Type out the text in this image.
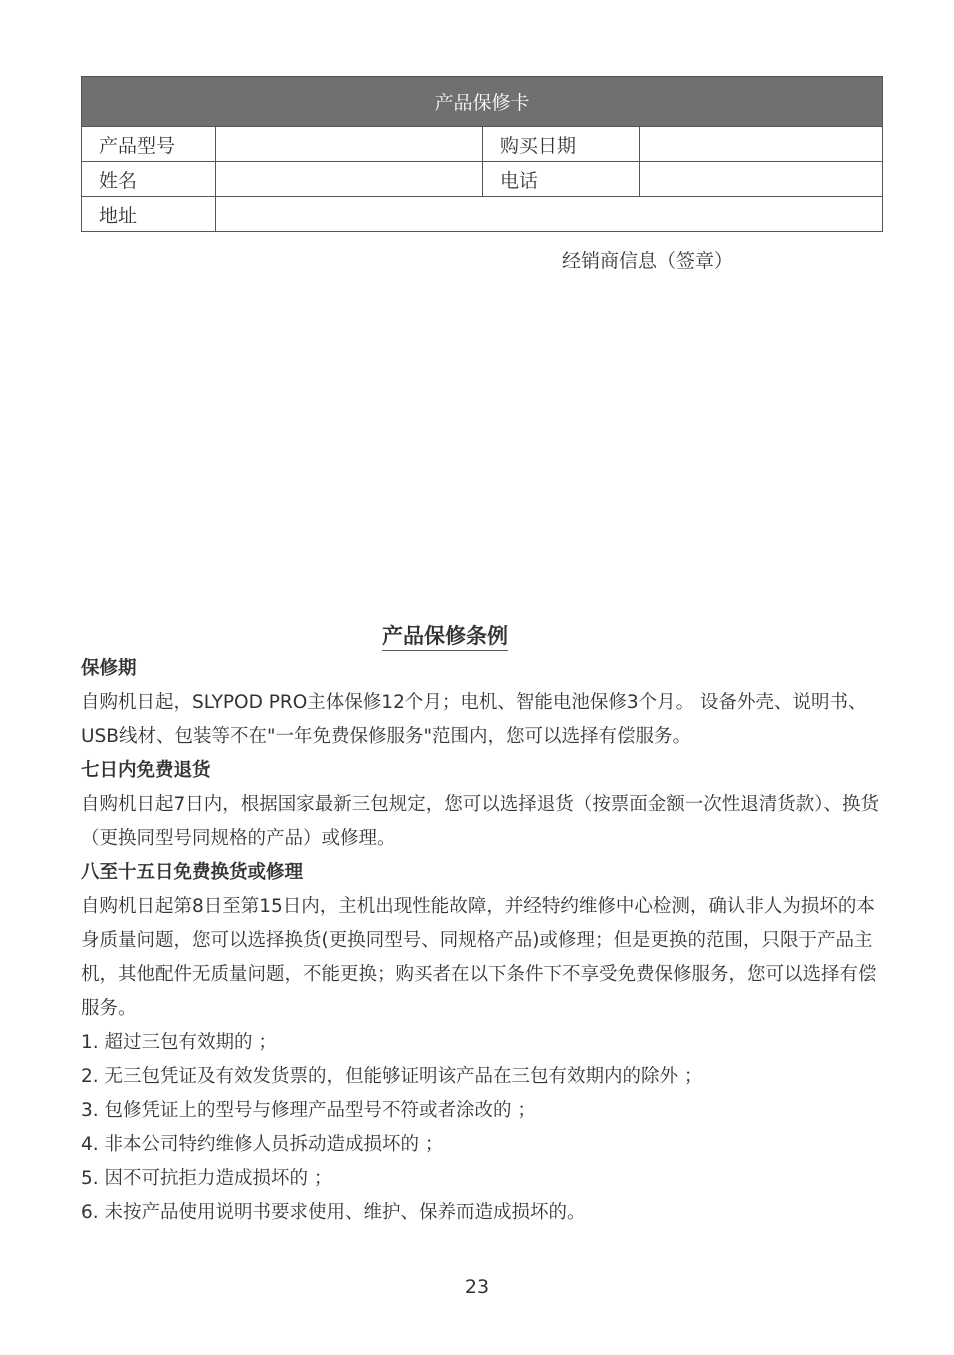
产品保修卡			
产品型号		购买日期	
姓名		电话	
地址			
经销商信息（签章）
产品保修条例
保修期
自购机日起，SLYPOD PRO主体保修12个月；电机、智能电池保修3个月。 设备外壳、说明书、USB线材、包装等不在"一年免费保修服务"范围内，您可以选择有偿服务。
七日内免费退货
自购机日起7日内，根据国家最新三包规定，您可以选择退货（按票面金额一次性退清货款）、换货（更换同型号同规格的产品）或修理。
八至十五日免费换货或修理
自购机日起第8日至第15日内，主机出现性能故障，并经特约维修中心检测，确认非人为损坏的本身质量问题，您可以选择换货(更换同型号、同规格产品)或修理；但是更换的范围，只限于产品主机，其他配件无质量问题，不能更换；购买者在以下条件下不享受免费保修服务，您可以选择有偿服务。
1. 超过三包有效期的 ；
2. 无三包凭证及有效发货票的，但能够证明该产品在三包有效期内的除外 ；
3. 包修凭证上的型号与修理产品型号不符或者涂改的 ；
4. 非本公司特约维修人员拆动造成损坏的 ；
5. 因不可抗拒力造成损坏的 ；
6. 未按产品使用说明书要求使用、维护、保养而造成损坏的。
23
